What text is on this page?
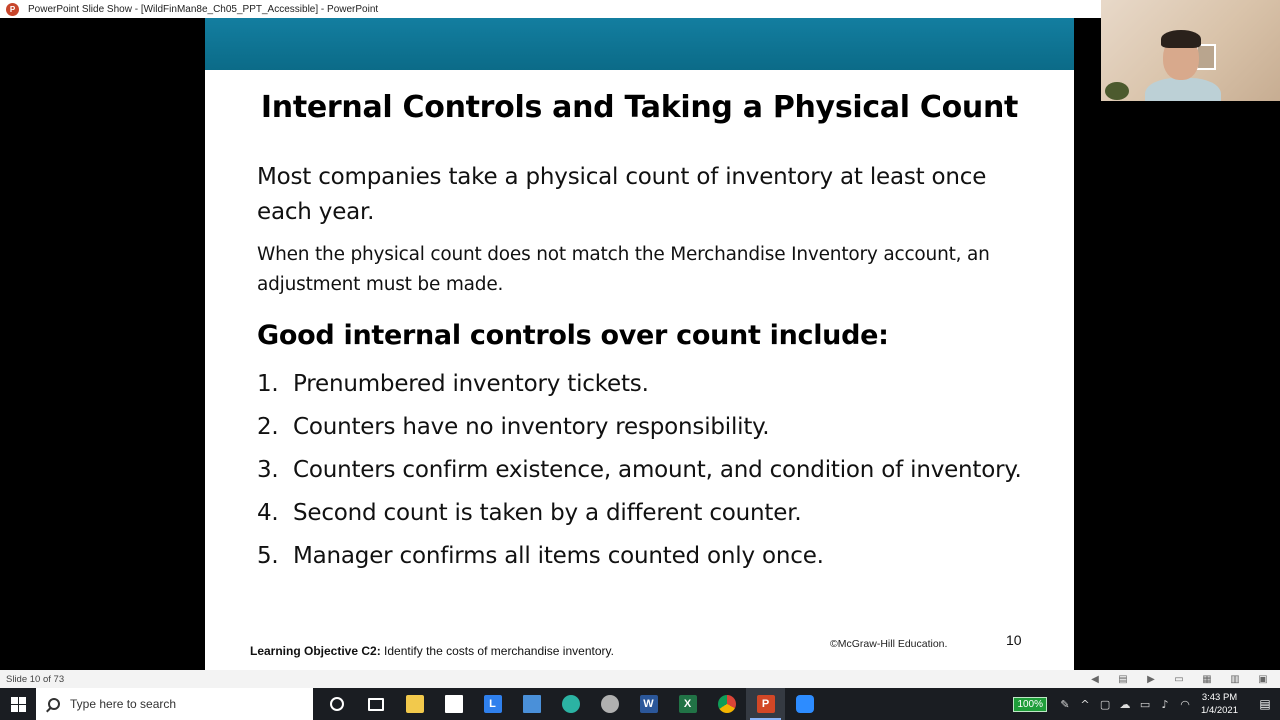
P	PowerPoint Slide Show - [WildFinMan8e_Ch05_PPT_Accessible] - PowerPoint
Internal Controls and Taking a Physical Count
Most companies take a physical count of inventory at least once each year.
When the physical count does not match the Merchandise Inventory account, an adjustment must be made.
Good internal controls over count include:
1. Prenumbered inventory tickets.
2. Counters have no inventory responsibility.
3. Counters confirm existence, amount, and condition of inventory.
4. Second count is taken by a different counter.
5. Manager confirms all items counted only once.
Learning Objective C2: Identify the costs of merchandise inventory.	©McGraw-Hill Education.	10
Slide 10 of 73	◀	▤	▶	▭ ▦ ▥ ▣
Type here to search
L	W	X	P	100%	✎ ^ ▢ ☁ ▭	♪	◠	3:43 PM
1/4/2021	▤
